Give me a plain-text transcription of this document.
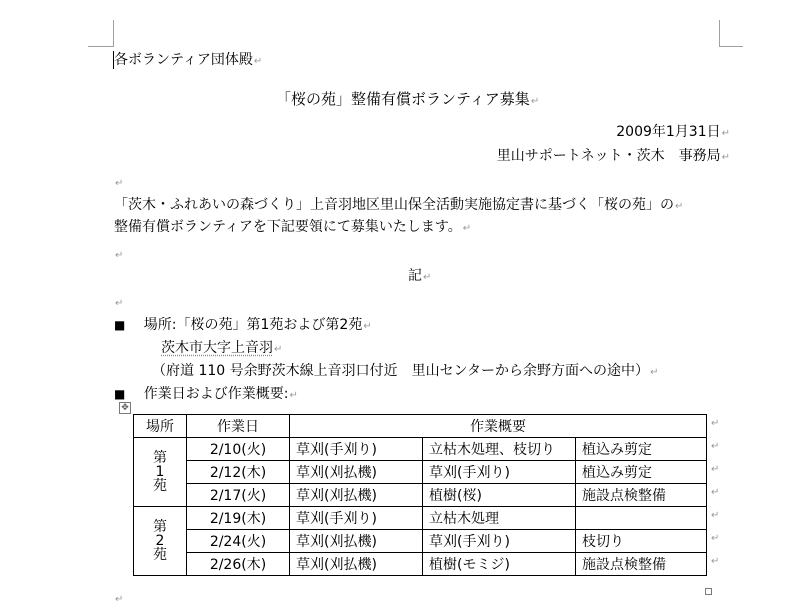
各ボランティア団体殿↵
「桜の苑」整備有償ボランティア募集↵
2009年1月31日↵
里山サポートネット・茨木　事務局↵
↵
「茨木・ふれあいの森づくり」上音羽地区里山保全活動実施協定書に基づく「桜の苑」の↵
整備有償ボランティアを下記要領にて募集いたします。↵
↵
記↵
↵
■ 場所:「桜の苑」第1苑および第2苑↵
茨木市大字上音羽↵
（府道 110 号余野茨木線上音羽口付近　里山センターから余野方面への途中）↵
■ 作業日および作業概要:↵
✥
場所	作業日	作業概要		

第
1
苑	2/10(火)	草刈(手刈り)	立枯木処理、枝切り	植込み剪定
	2/12(木)	草刈(刈払機)	草刈(手刈り)	植込み剪定
	2/17(火)	草刈(刈払機)	植樹(桜)	施設点検整備

第
2
苑	2/19(木)	草刈(手刈り)	立枯木処理	
	2/24(火)	草刈(刈払機)	草刈(手刈り)	枝切り
	2/26(木)	草刈(刈払機)	植樹(モミジ)	施設点検整備
↵
↵
↵
↵
↵
↵
↵
↵
